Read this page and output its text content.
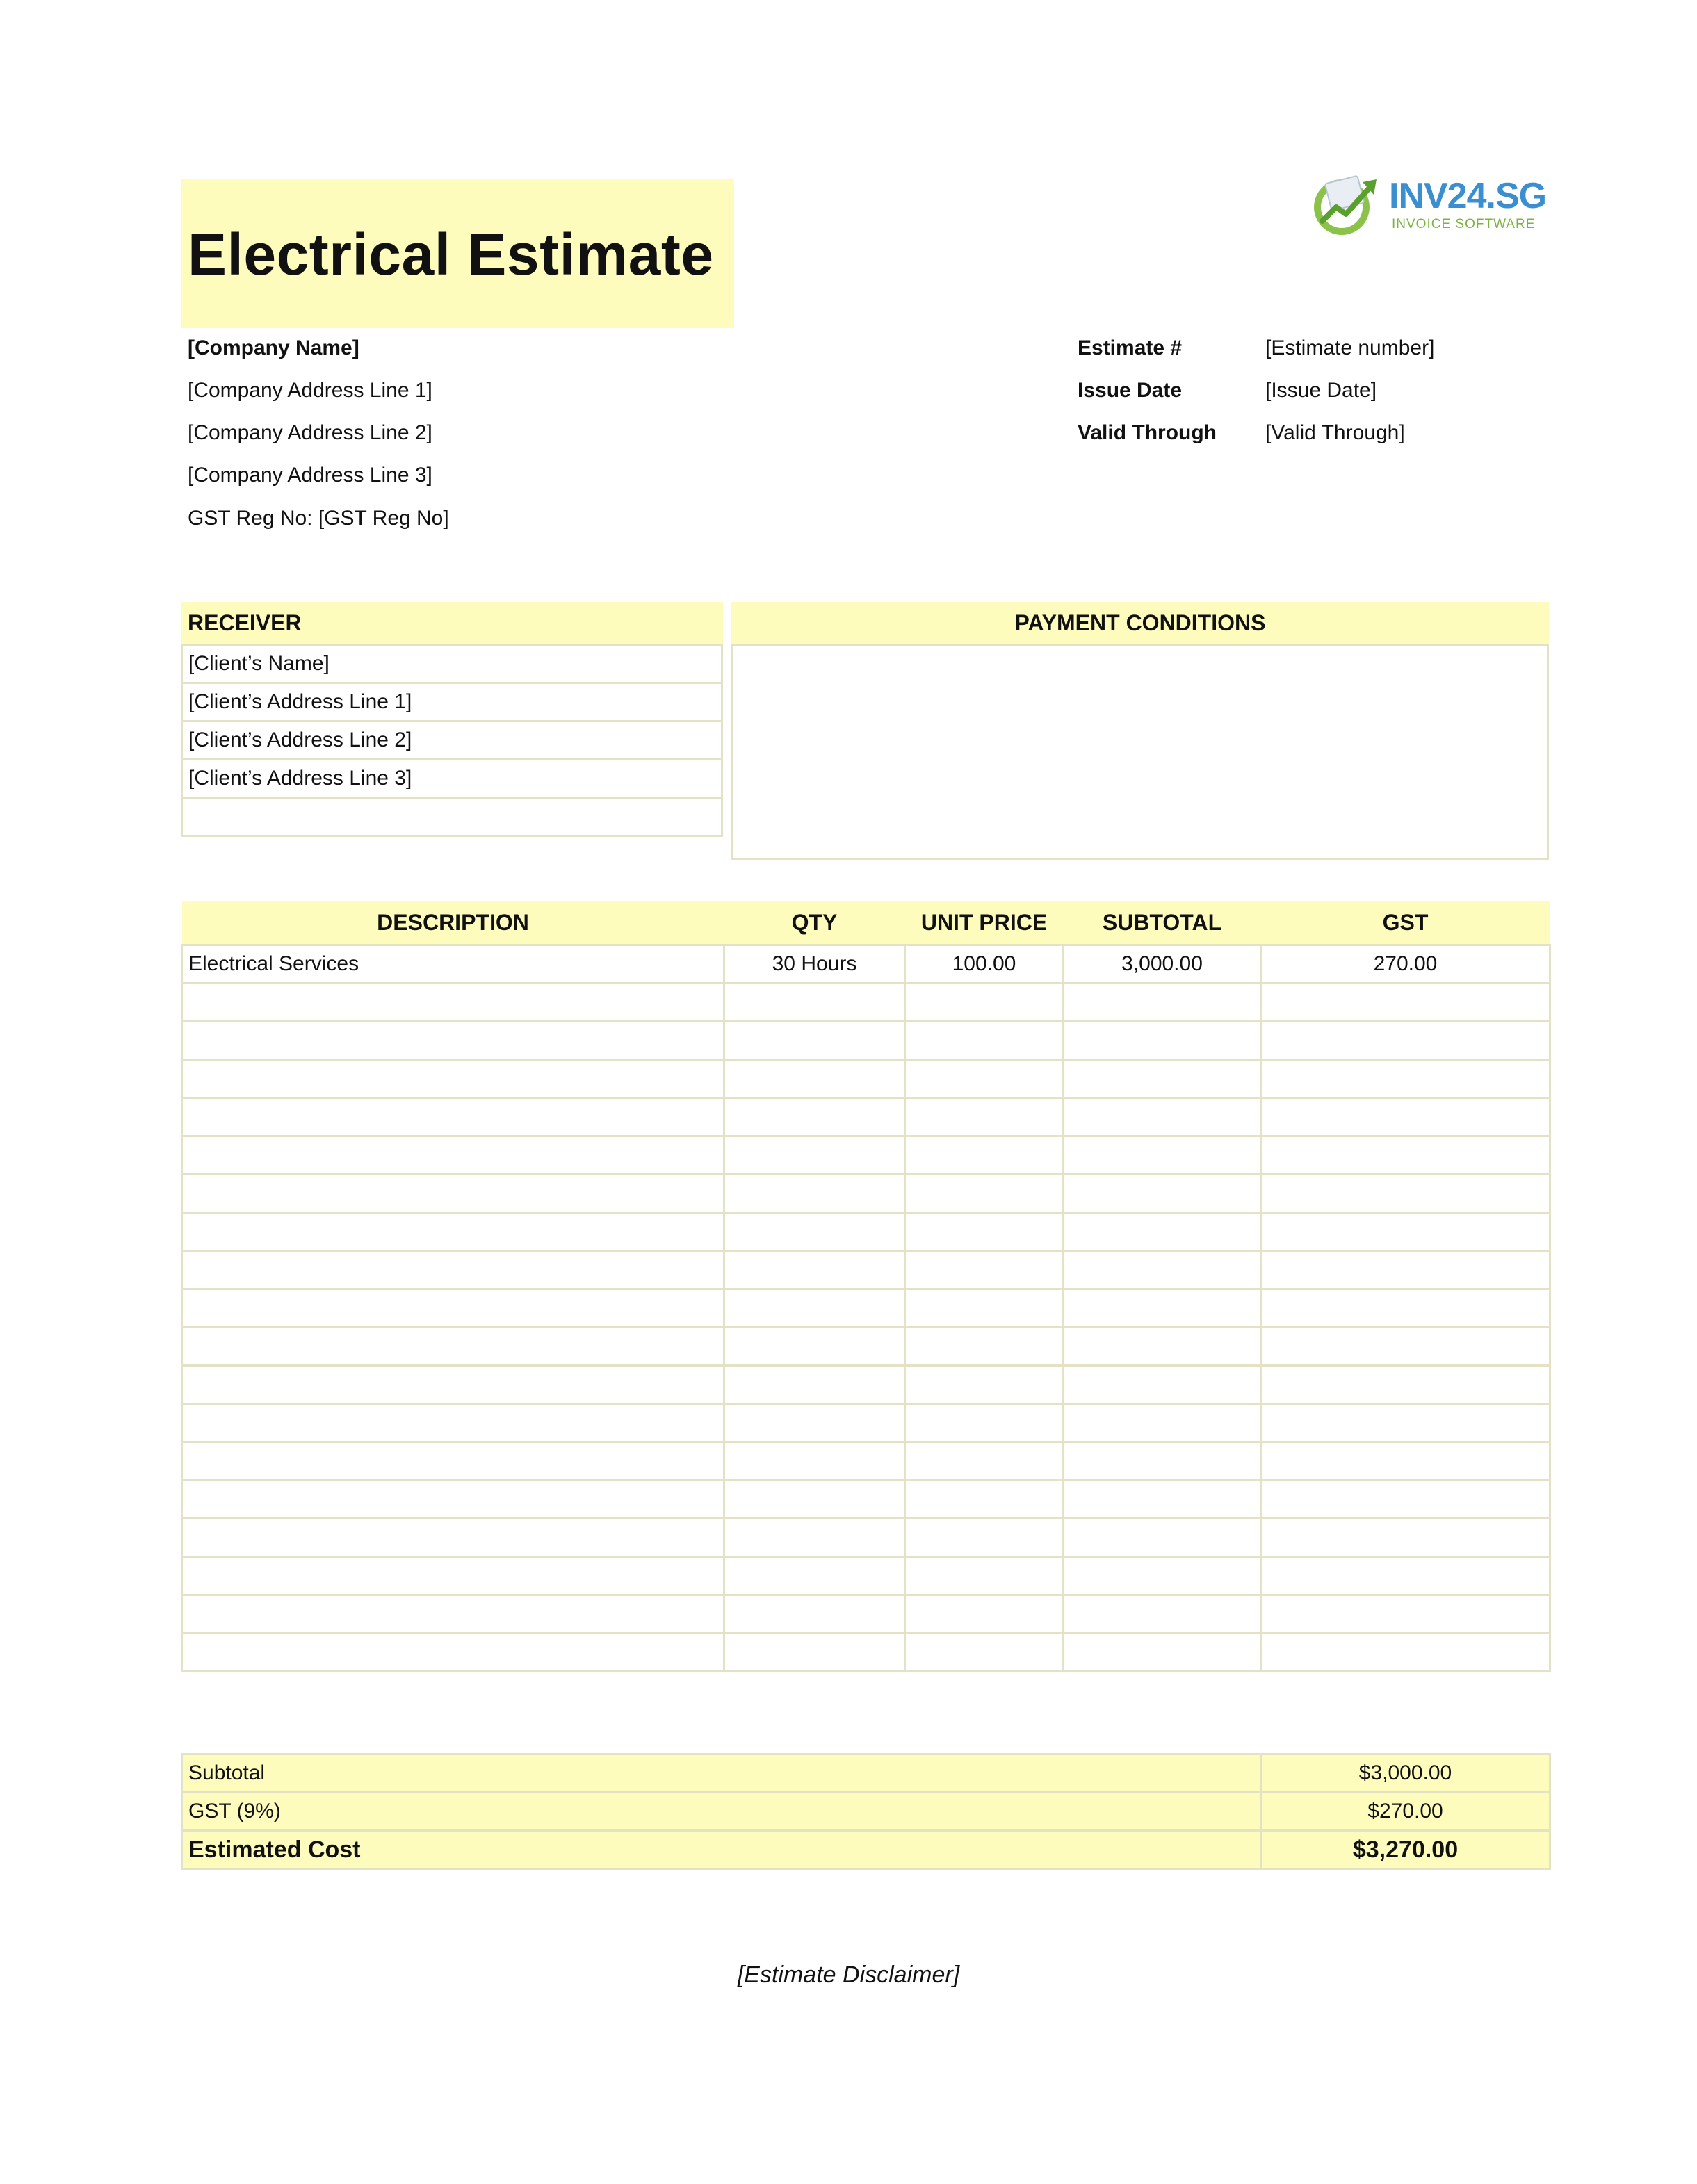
Electrical Estimate
INV24.SG
INVOICE SOFTWARE
[Company Name]
[Company Address Line 1]
[Company Address Line 2]
[Company Address Line 3]
GST Reg No: [GST Reg No]
Estimate #	[Estimate number]
Issue Date	[Issue Date]
Valid Through [Valid Through]
RECEIVER
[Client’s Name]
[Client’s Address Line 1]
[Client’s Address Line 2]
[Client’s Address Line 3]

PAYMENT CONDITIONS
DESCRIPTION	QTY	UNIT PRICE	SUBTOTAL	GST
Electrical Services	30 Hours	100.00	3,000.00	270.00

Subtotal	$3,000.00
GST (9%)	$270.00
Estimated Cost	$3,270.00
[Estimate Disclaimer]
